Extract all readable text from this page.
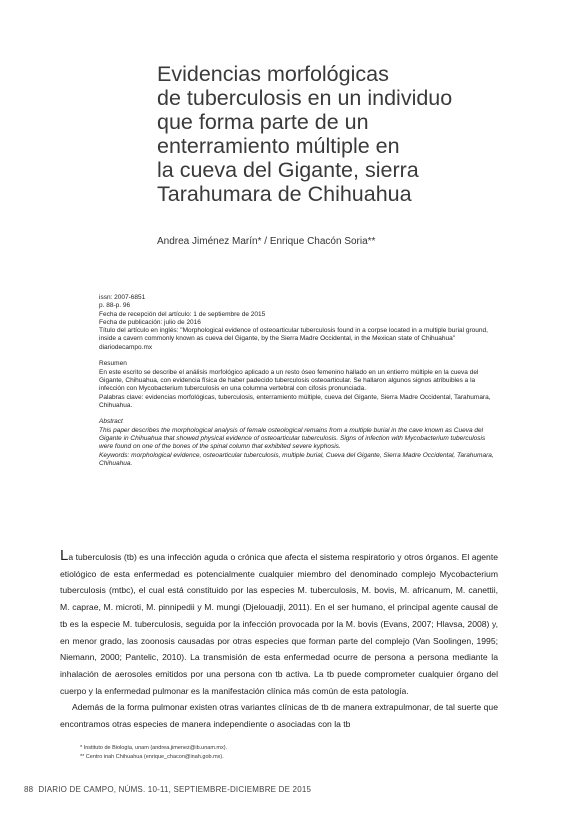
Evidencias morfológicas
de tuberculosis en un individuo
que forma parte de un
enterramiento múltiple en
la cueva del Gigante, sierra
Tarahumara de Chihuahua
Andrea Jiménez Marín* / Enrique Chacón Soria**
issn: 2007-6851
p. 88-p. 96
Fecha de recepción del artículo: 1 de septiembre de 2015
Fecha de publicación: julio de 2016
Título del artículo en inglés: "Morphological evidence of osteoarticular tuberculosis found in a corpse located in a multiple burial ground, inside a cavern commonly known as cueva del Gigante, by the Sierra Madre Occidental, in the Mexican state of Chihuahua"
diariodecampo.mx
Resumen
En este escrito se describe el análisis morfológico aplicado a un resto óseo femenino hallado en un entierro múltiple en la cueva del Gigante, Chihuahua, con evidencia física de haber padecido tuberculosis osteoarticular. Se hallaron algunos signos atribuibles a la infección con Mycobacterium tuberculosis en una columna vertebral con cifosis pronunciada.
Palabras clave: evidencias morfológicas, tuberculosis, enterramiento múltiple, cueva del Gigante, Sierra Madre Occidental, Tarahumara, Chihuahua.
Abstract
This paper describes the morphological analysis of female osteological remains from a multiple burial in the cave known as Cueva del Gigante in Chihuahua that showed physical evidence of osteoarticular tuberculosis. Signs of infection with Mycobacterium tuberculosis were found on one of the bones of the spinal column that exhibited severe kyphosis.
Keywords: morphological evidence, osteoarticular tuberculosis, multiple burial, Cueva del Gigante, Sierra Madre Occidental, Tarahumara, Chihuahua.

La tuberculosis (tb) es una infección aguda o crónica que afecta el sistema respiratorio y otros órganos. El agente etiológico de esta enfermedad es potencialmente cualquier miembro del denominado complejo Mycobacterium tuberculosis (mtbc), el cual está constituido por las especies M. tuberculosis, M. bovis, M. africanum, M. canettii, M. caprae, M. microti, M. pinnipedii y M. mungi (Djelouadji, 2011). En el ser humano, el principal agente causal de tb es la especie M. tuberculosis, seguida por la infección provocada por la M. bovis (Evans, 2007; Hlavsa, 2008) y, en menor grado, las zoonosis causadas por otras especies que forman parte del complejo (Van Soolingen, 1995; Niemann, 2000; Pantelic, 2010). La transmisión de esta enfermedad ocurre de persona a persona mediante la inhalación de aerosoles emitidos por una persona con tb activa. La tb puede comprometer cualquier órgano del cuerpo y la enfermedad pulmonar es la manifestación clínica más común de esta patología.

Además de la forma pulmonar existen otras variantes clínicas de tb de manera extrapulmonar, de tal suerte que encontramos otras especies de manera independiente o asociadas con la tb

* Instituto de Biología, unam (andrea.jimenez@ib.unam.mx).
** Centro inah Chihuahua (enrique_chacon@inah.gob.mx).
88 DIARIO DE CAMPO, NÚMS. 10-11, SEPTIEMBRE-DICIEMBRE DE 2015
